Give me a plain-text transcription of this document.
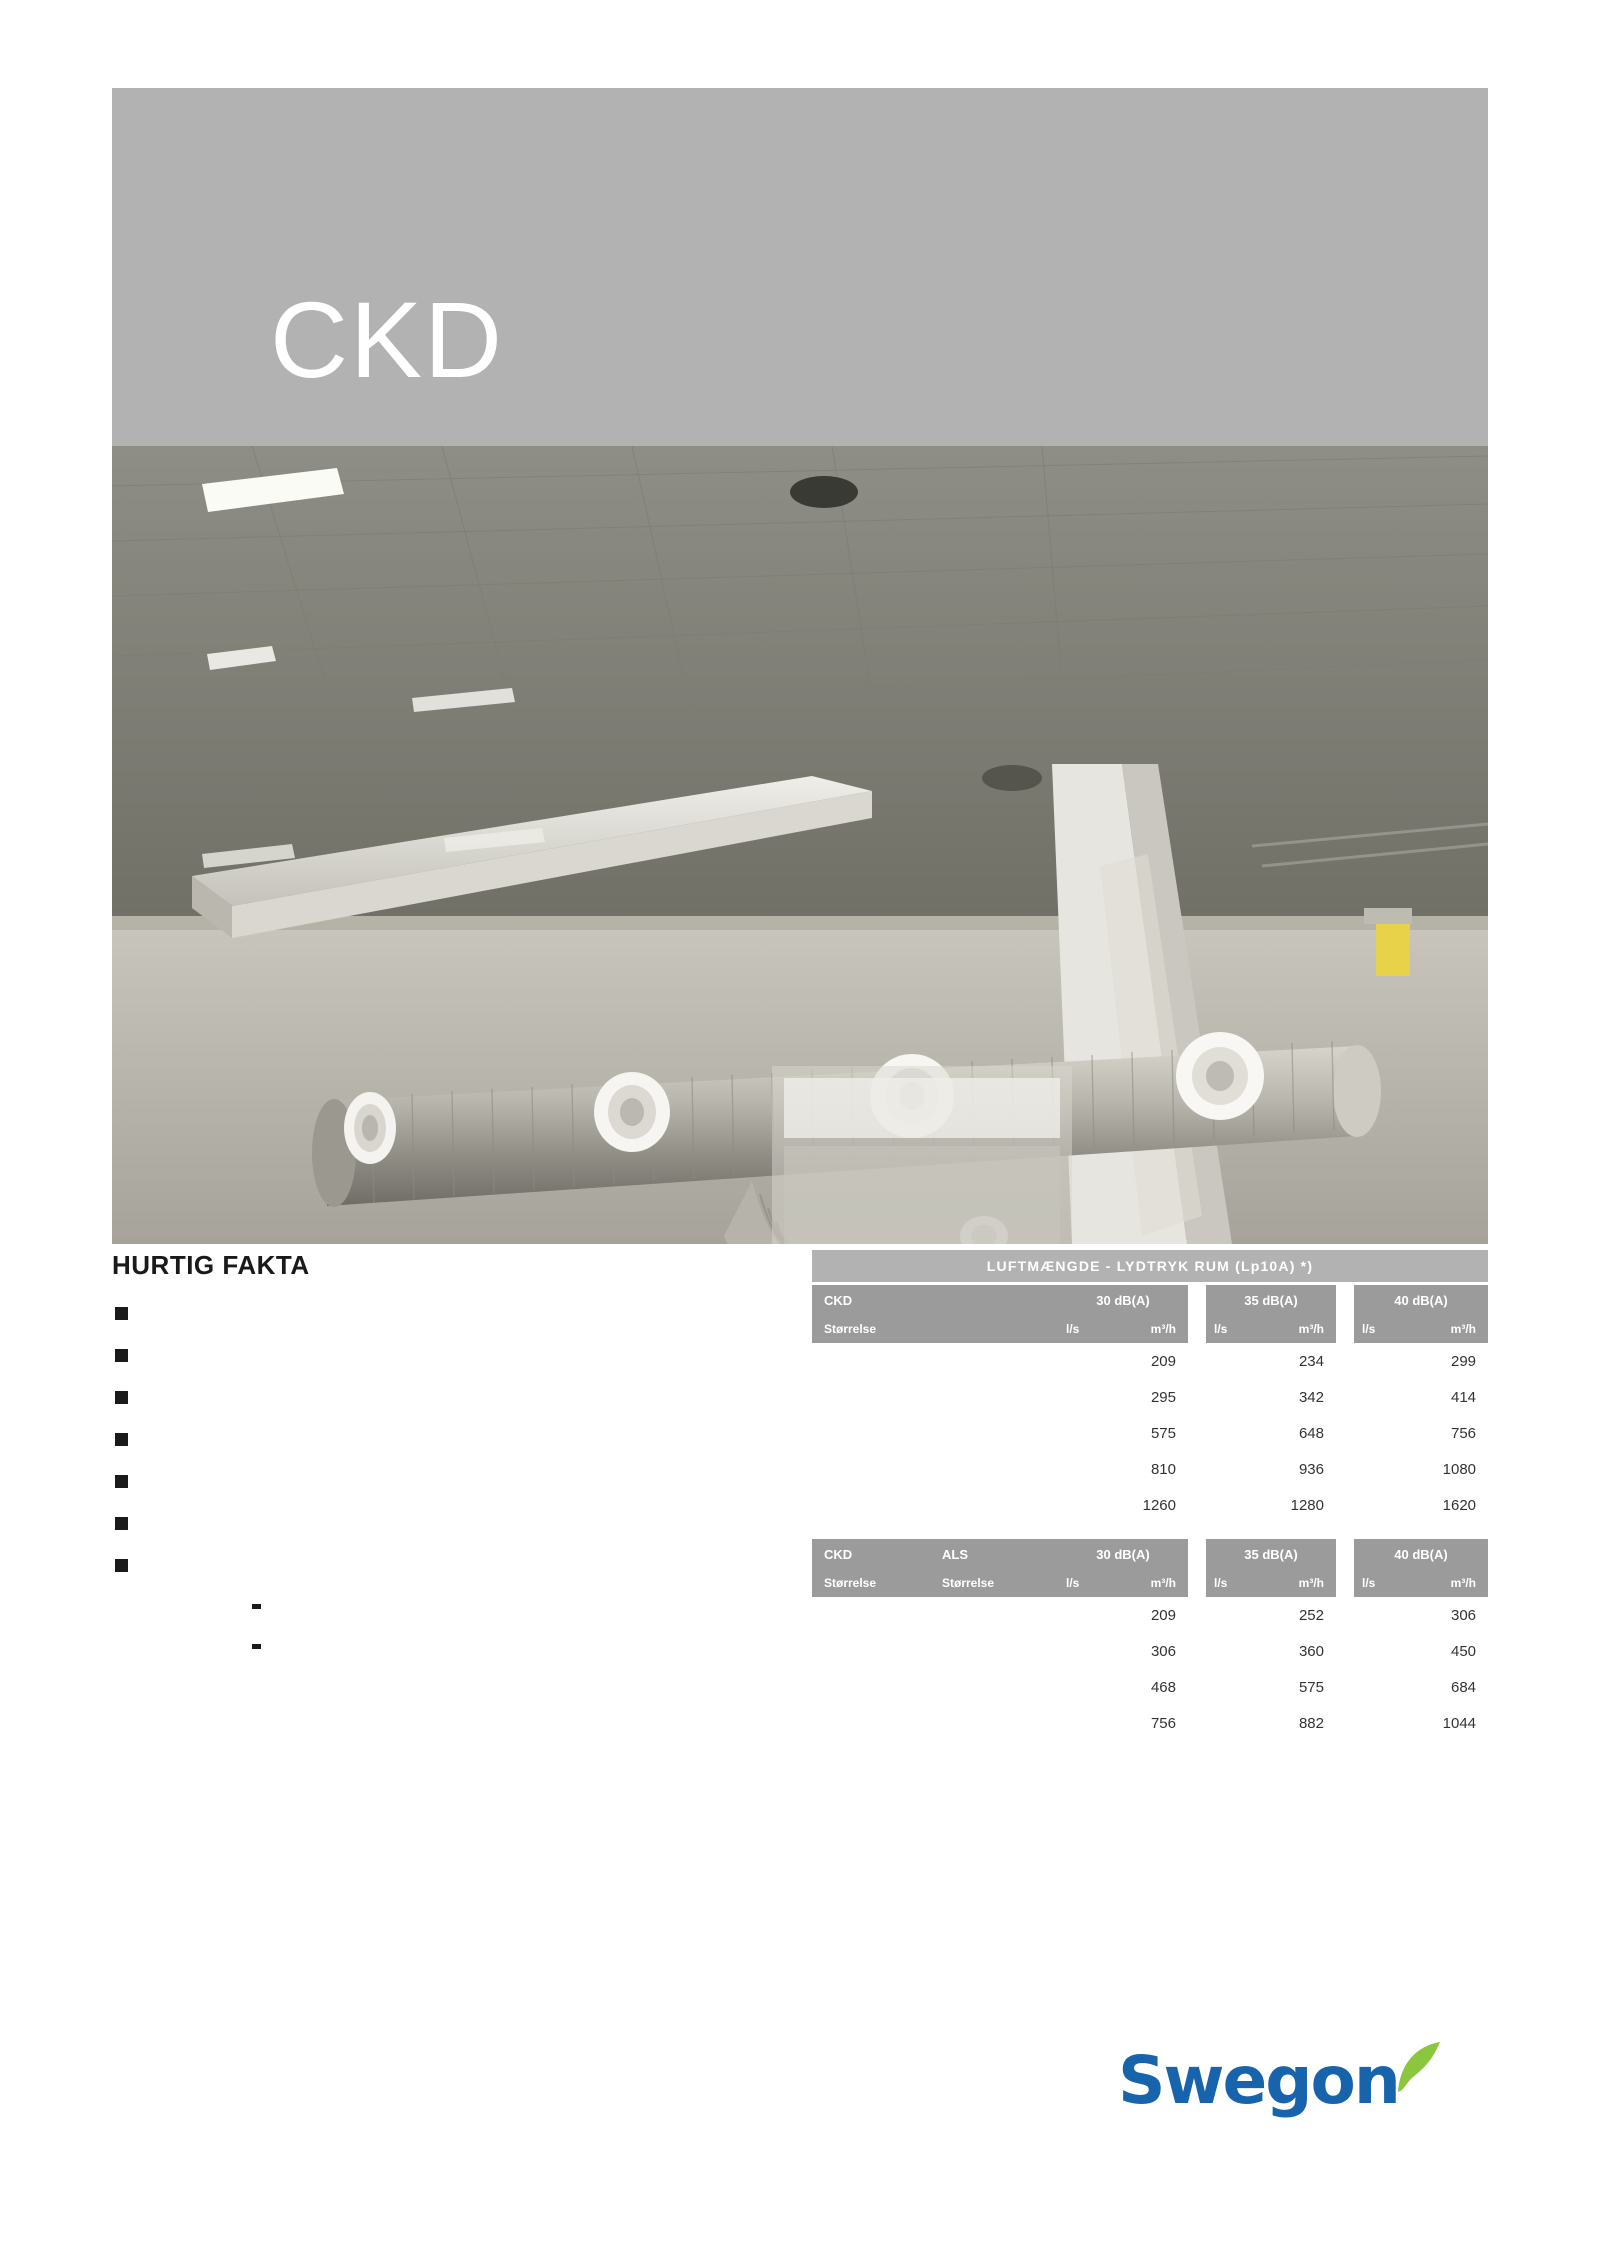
CKD
HURTIG FAKTA	LUFTMÆNGDE - LYDTRYK RUM (Lp10A) *)									
CKD		30 dB(A)			35 dB(A)			40 dB(A)	
Størrelse		l/s	m³/h		l/s	m³/h		l/s	m³/h
			209			234			299
			295			342			414
			575			648			756
			810			936			1080
			1260			1280			1620

CKD	ALS	30 dB(A)			35 dB(A)			40 dB(A)	
Størrelse	Størrelse	l/s	m³/h		l/s	m³/h		l/s	m³/h
			209			252			306
			306			360			450
			468			575			684
			756			882			1044
Swegon
